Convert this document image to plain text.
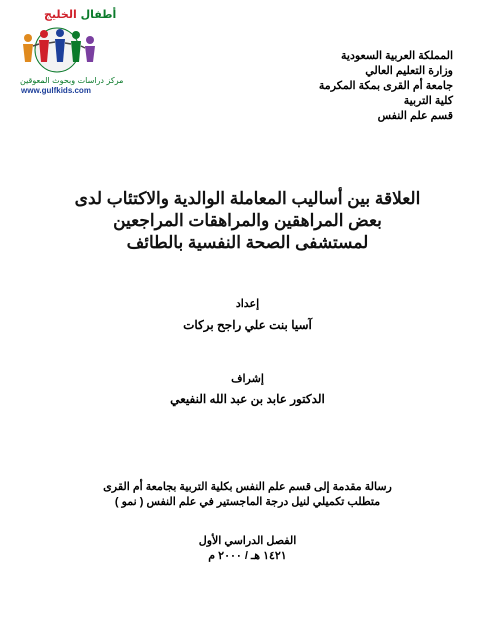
أطفال الخليج
مركز دراسات وبحوث المعوقين
www.gulfkids.com
المملكة العربية السعودية
وزارة التعليم العالي
جامعة أم القرى بمكة المكرمة
كلية التربية
قسم علم النفس
العلاقة بين أساليب المعاملة الوالدية والاكتئاب لدى
بعض المراهقين والمراهقات المراجعين
لمستشفى الصحة النفسية بالطائف
إعداد
آسيا بنت علي راجح بركات
إشراف
الدكتور عابد بن عبد الله النفيعي
رسالة مقدمة إلى قسم علم النفس بكلية التربية بجامعة أم القرى
متطلب تكميلي لنيل درجة الماجستير في علم النفس ( نمو )
الفصل الدراسي الأول
١٤٢١ هـ / ٢٠٠٠ م
